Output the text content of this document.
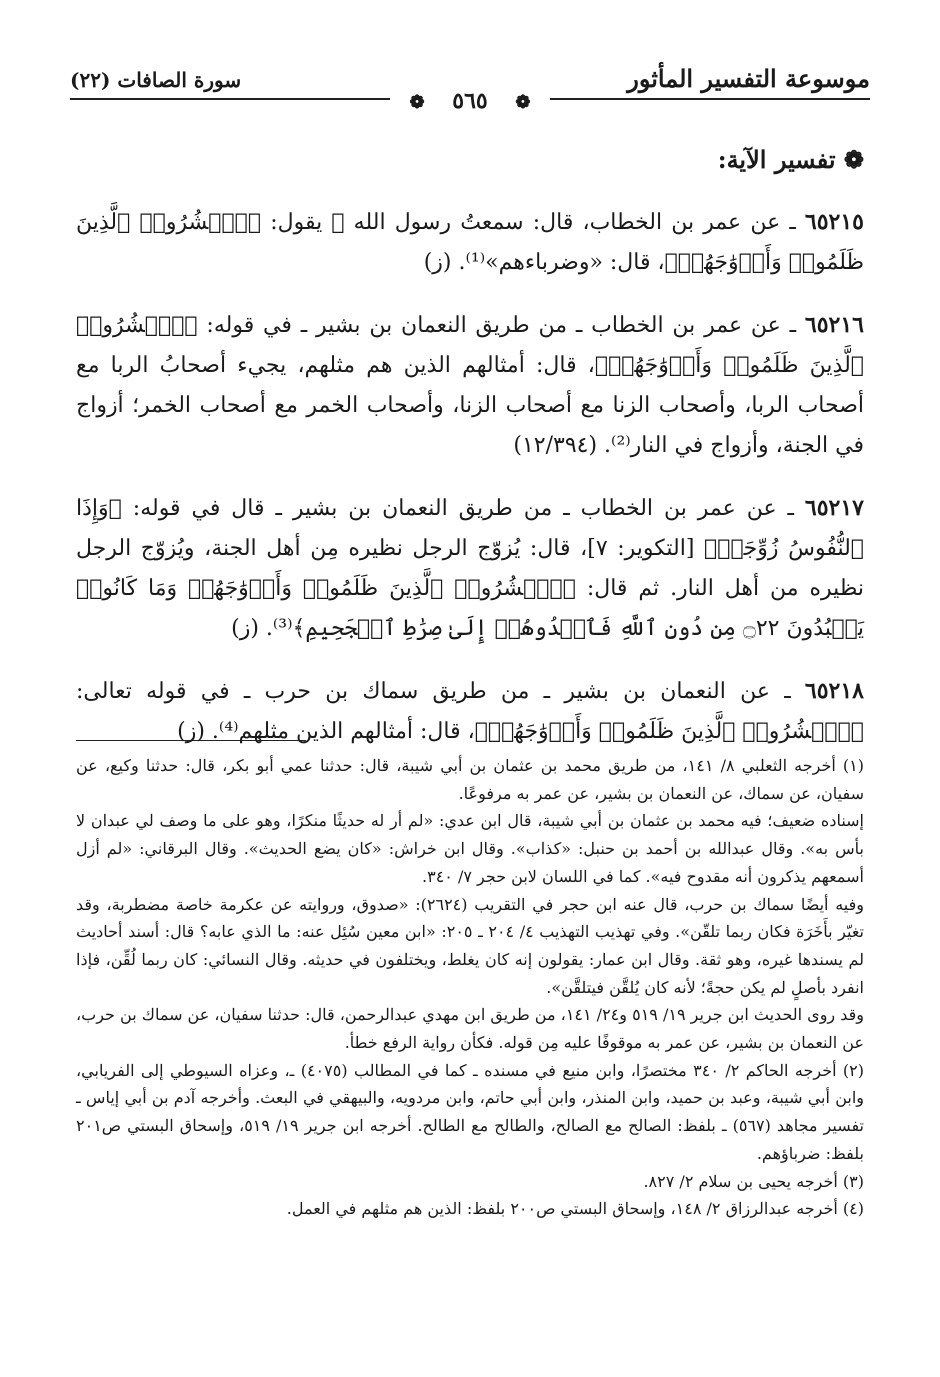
موسوعة التفسير المأثور
سورة الصافات (٢٢)
❁ ٥٦٥ ❁
❁ تفسير الآية:

٦٥٢١٥ ـ عن عمر بن الخطاب، قال: سمعتُ رسول الله ﷺ يقول: ﴿ٱحۡشُرُوا۟ ٱلَّذِينَ ظَلَمُوا۟ وَأَزۡوَٰجَهُمۡ﴾، قال: «وضرباءهم»⁽¹⁾. (ز)

٦٥٢١٦ ـ عن عمر بن الخطاب ـ من طريق النعمان بن بشير ـ في قوله: ﴿ٱحۡشُرُوا۟ ٱلَّذِينَ ظَلَمُوا۟ وَأَزۡوَٰجَهُمۡ﴾، قال: أمثالهم الذين هم مثلهم، يجيء أصحابُ الربا مع أصحاب الربا، وأصحاب الزنا مع أصحاب الزنا، وأصحاب الخمر مع أصحاب الخمر؛ أزواج في الجنة، وأزواج في النار⁽²⁾. (١٢/٣٩٤)

٦٥٢١٧ ـ عن عمر بن الخطاب ـ من طريق النعمان بن بشير ـ قال في قوله: ﴿وَإِذَا ٱلنُّفُوسُ زُوِّجَتۡ﴾ [التكوير: ٧]، قال: يُزوّج الرجل نظيره مِن أهل الجنة، ويُزوّج الرجل نظيره من أهل النار. ثم قال: ﴿ٱحۡشُرُوا۟ ٱلَّذِينَ ظَلَمُوا۟ وَأَزۡوَٰجَهُمۡ وَمَا كَانُوا۟ يَعۡبُدُونَ ۝٢٢ مِن دُونِ ٱللَّهِ فَٱهۡدُوهُمۡ إِلَىٰ صِرَٰطِ ٱلۡجَحِيمِ﴾⁽³⁾. (ز)

٦٥٢١٨ ـ عن النعمان بن بشير ـ من طريق سماك بن حرب ـ في قوله تعالى: ﴿ٱحۡشُرُوا۟ ٱلَّذِينَ ظَلَمُوا۟ وَأَزۡوَٰجَهُمۡ﴾، قال: أمثالهم الذين مثلهم⁽⁴⁾. (ز)

(١) أخرجه الثعلبي ٨/ ١٤١، من طريق محمد بن عثمان بن أبي شيبة، قال: حدثنا عمي أبو بكر، قال: حدثنا وكيع، عن سفيان، عن سماك، عن النعمان بن بشير، عن عمر به مرفوعًا.

إسناده ضعيف؛ فيه محمد بن عثمان بن أبي شيبة، قال ابن عدي: «لم أر له حديثًا منكرًا، وهو على ما وصف لي عبدان لا بأس به». وقال عبدالله بن أحمد بن حنبل: «كذاب». وقال ابن خراش: «كان يضع الحديث». وقال البرقاني: «لم أزل أسمعهم يذكرون أنه مقدوح فيه». كما في اللسان لابن حجر ٧/ ٣٤٠.

وفيه أيضًا سماك بن حرب، قال عنه ابن حجر في التقريب (٢٦٢٤): «صدوق، وروايته عن عكرمة خاصة مضطربة، وقد تغيّر بأَخَرَة فكان ربما تلقّن». وفي تهذيب التهذيب ٤/ ٢٠٤ ـ ٢٠٥: «ابن معين سُئِل عنه: ما الذي عابه؟ قال: أسند أحاديث لم يسندها غيره، وهو ثقة. وقال ابن عمار: يقولون إنه كان يغلط، ويختلفون في حديثه. وقال النسائي: كان ربما لُقِّن، فإذا انفرد بأصلٍ لم يكن حجةً؛ لأنه كان يُلقَّن فيتلقَّن».

وقد روى الحديث ابن جرير ١٩/ ٥١٩ و٢٤/ ١٤١، من طريق ابن مهدي عبدالرحمن، قال: حدثنا سفيان، عن سماك بن حرب، عن النعمان بن بشير، عن عمر به موقوفًا عليه مِن قوله. فكأن رواية الرفع خطأ.

(٢) أخرجه الحاكم ٢/ ٣٤٠ مختصرًا، وابن منيع في مسنده ـ كما في المطالب (٤٠٧٥) ـ، وعزاه السيوطي إلى الفريابي، وابن أبي شيبة، وعبد بن حميد، وابن المنذر، وابن أبي حاتم، وابن مردويه، والبيهقي في البعث. وأخرجه آدم بن أبي إياس ـ تفسير مجاهد (٥٦٧) ـ بلفظ: الصالح مع الصالح، والطالح مع الطالح. أخرجه ابن جرير ١٩/ ٥١٩، وإسحاق البستي ص٢٠١ بلفظ: ضرباؤهم.

(٣) أخرجه يحيى بن سلام ٢/ ٨٢٧.

(٤) أخرجه عبدالرزاق ٢/ ١٤٨، وإسحاق البستي ص٢٠٠ بلفظ: الذين هم مثلهم في العمل.
